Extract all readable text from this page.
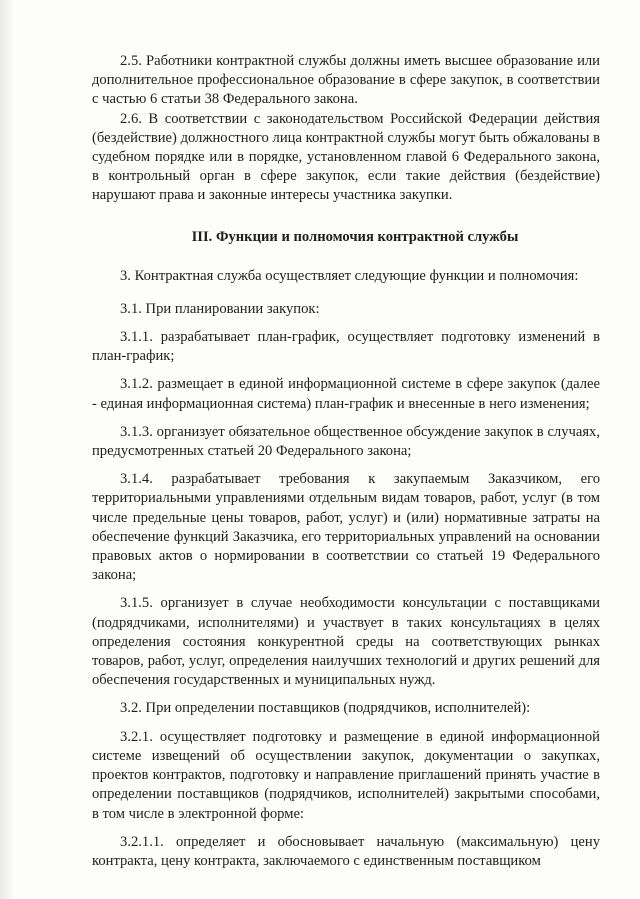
2.5. Работники контрактной службы должны иметь высшее образование или дополнительное профессиональное образование в сфере закупок, в соответствии с частью 6 статьи 38 Федерального закона.

2.6. В соответствии с законодательством Российской Федерации действия (бездействие) должностного лица контрактной службы могут быть обжалованы в судебном порядке или в порядке, установленном главой 6 Федерального закона, в контрольный орган в сфере закупок, если такие действия (бездействие) нарушают права и законные интересы участника закупки.

III. Функции и полномочия контрактной службы

3. Контрактная служба осуществляет следующие функции и полномочия:

3.1. При планировании закупок:

3.1.1. разрабатывает план-график, осуществляет подготовку изменений в план-график;

3.1.2. размещает в единой информационной системе в сфере закупок (далее - единая информационная система) план-график и внесенные в него изменения;

3.1.3. организует обязательное общественное обсуждение закупок в случаях, предусмотренных статьей 20 Федерального закона;

3.1.4. разрабатывает требования к закупаемым Заказчиком, его территориальными управлениями отдельным видам товаров, работ, услуг (в том числе предельные цены товаров, работ, услуг) и (или) нормативные затраты на обеспечение функций Заказчика, его территориальных управлений на основании правовых актов о нормировании в соответствии со статьей 19 Федерального закона;

3.1.5. организует в случае необходимости консультации с поставщиками (подрядчиками, исполнителями) и участвует в таких консультациях в целях определения состояния конкурентной среды на соответствующих рынках товаров, работ, услуг, определения наилучших технологий и других решений для обеспечения государственных и муниципальных нужд.

3.2. При определении поставщиков (подрядчиков, исполнителей):

3.2.1. осуществляет подготовку и размещение в единой информационной системе извещений об осуществлении закупок, документации о закупках, проектов контрактов, подготовку и направление приглашений принять участие в определении поставщиков (подрядчиков, исполнителей) закрытыми способами, в том числе в электронной форме:

3.2.1.1. определяет и обосновывает начальную (максимальную) цену контракта, цену контракта, заключаемого с единственным поставщиком
